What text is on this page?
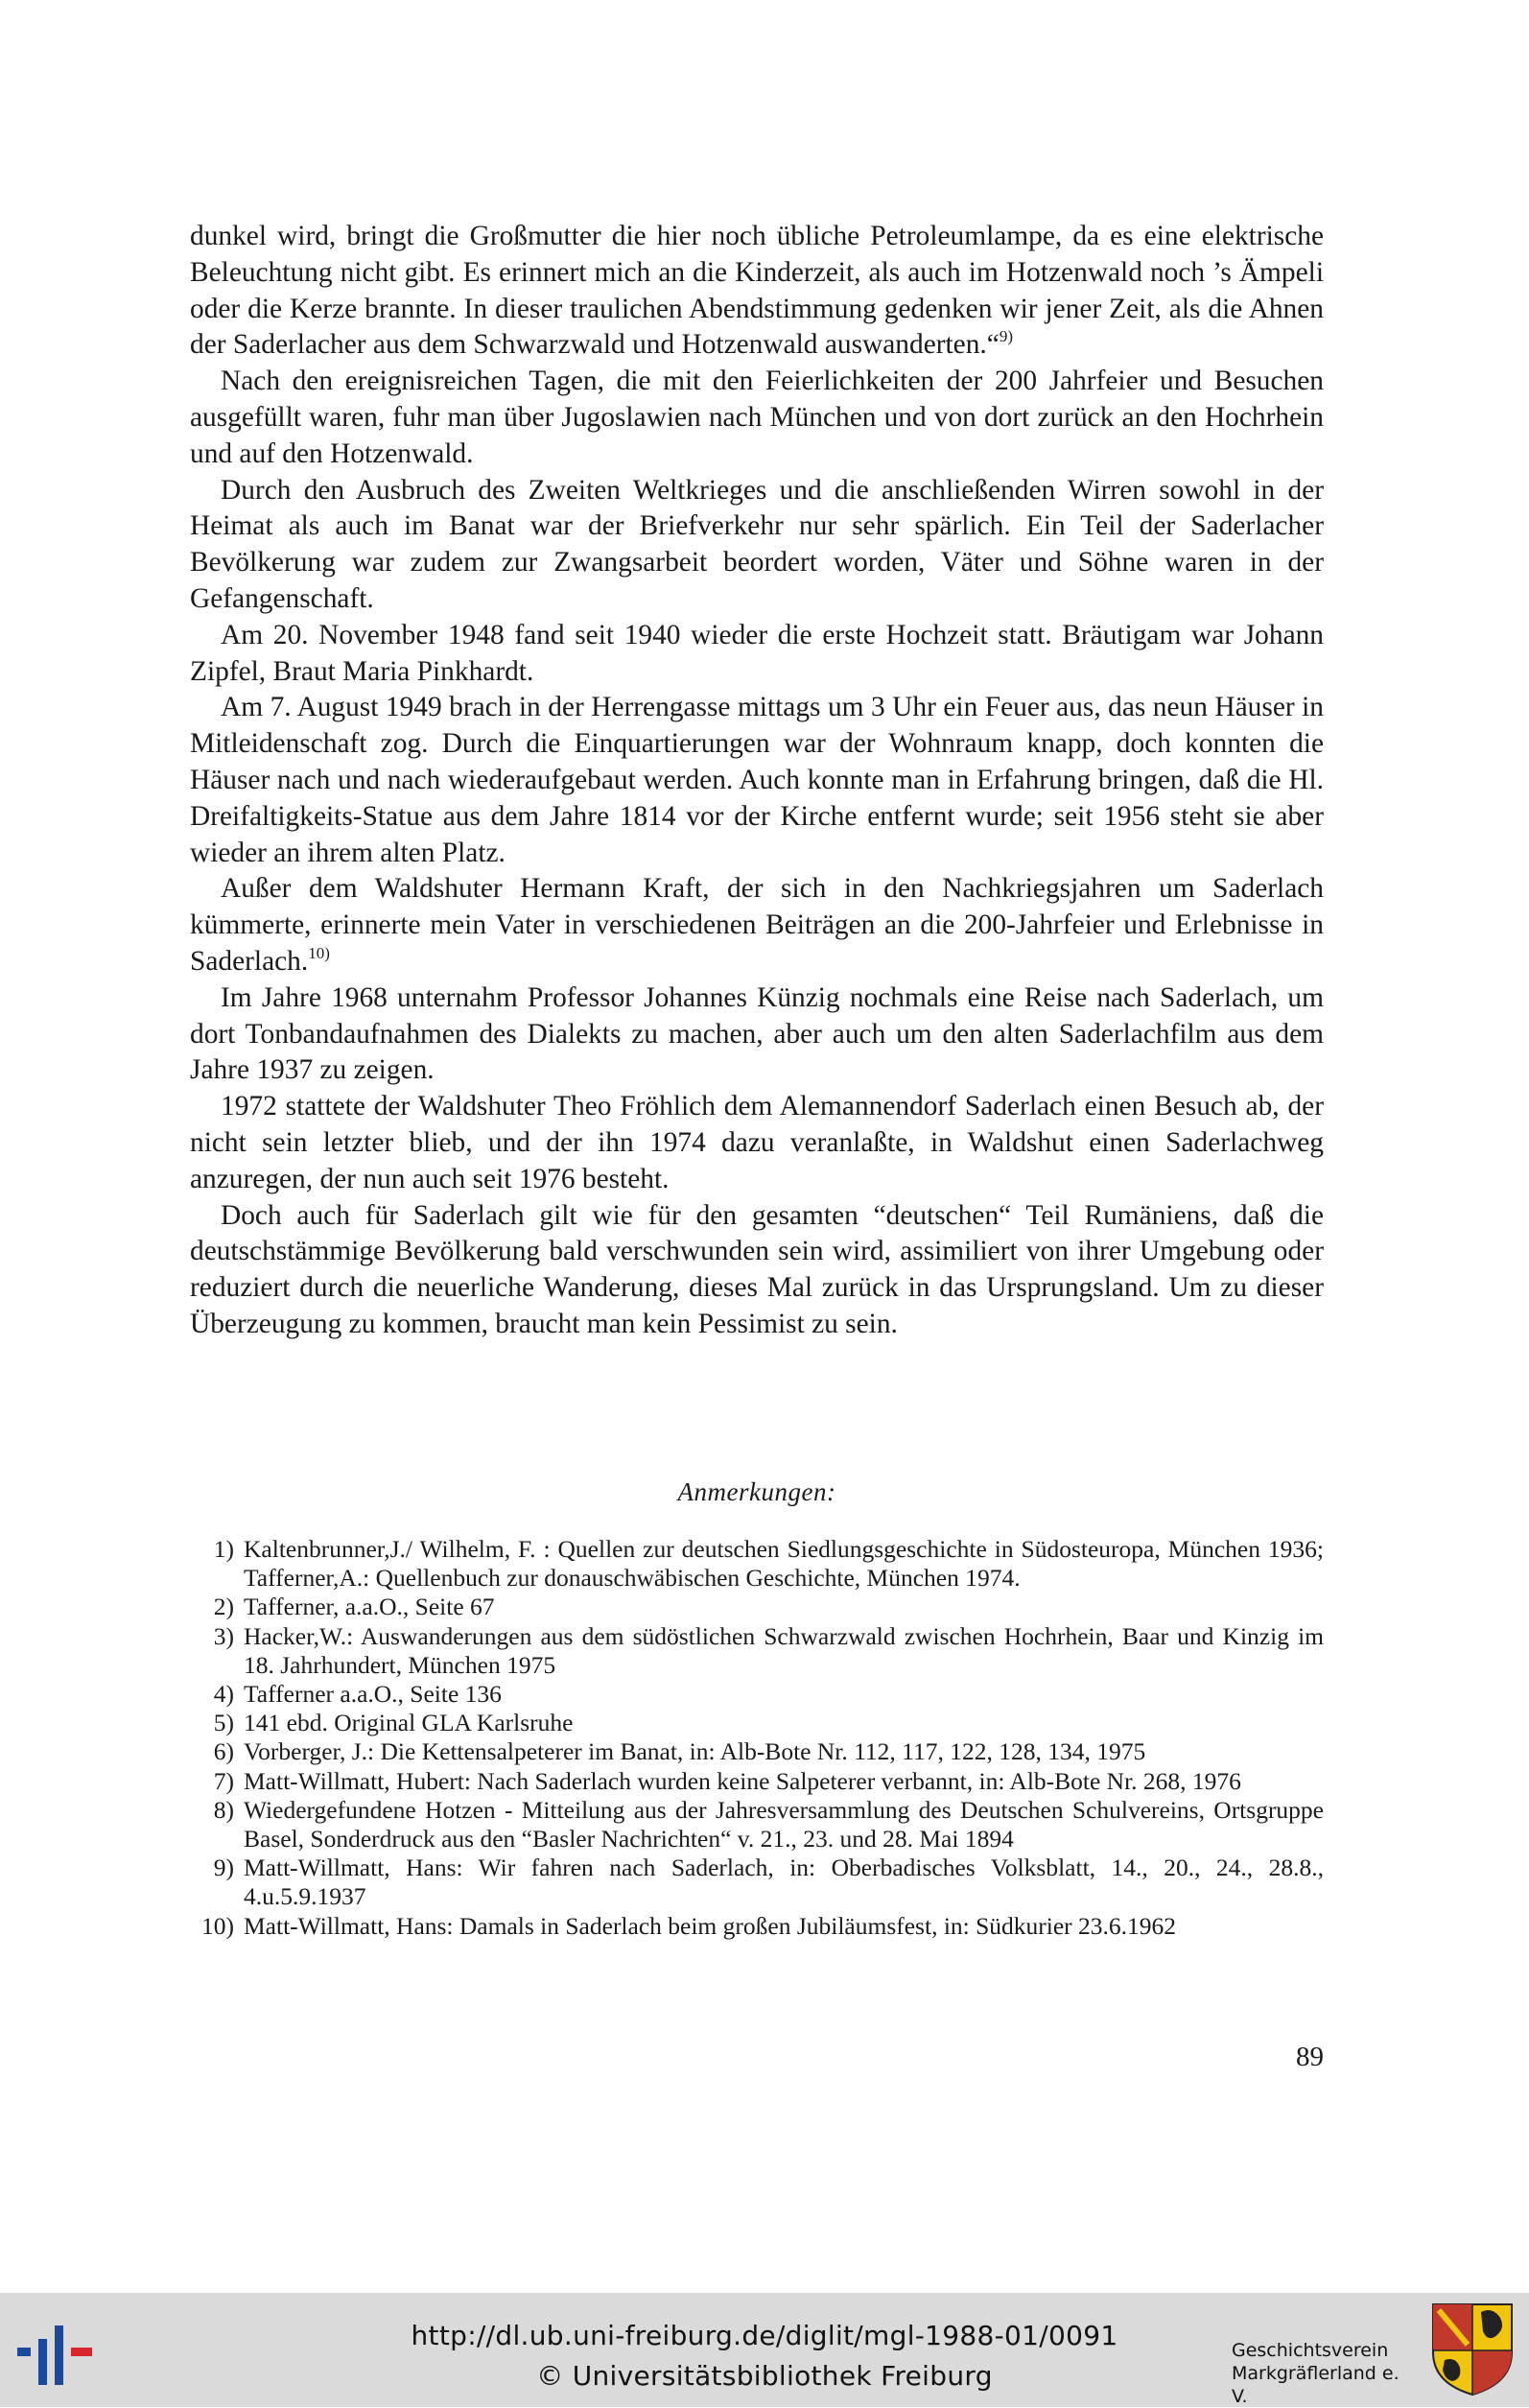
dunkel wird, bringt die Großmutter die hier noch übliche Petroleumlampe, da es eine elektrische Beleuchtung nicht gibt. Es erinnert mich an die Kinderzeit, als auch im Hotzenwald noch ’s Ämpeli oder die Kerze brannte. In dieser traulichen Abendstimmung gedenken wir jener Zeit, als die Ahnen der Saderlacher aus dem Schwarzwald und Hotzenwald auswanderten.“$^{9)}$

Nach den ereignisreichen Tagen, die mit den Feierlichkeiten der 200 Jahrfeier und Besuchen ausgefüllt waren, fuhr man über Jugoslawien nach München und von dort zurück an den Hochrhein und auf den Hotzenwald.

Durch den Ausbruch des Zweiten Weltkrieges und die anschließenden Wirren sowohl in der Heimat als auch im Banat war der Briefverkehr nur sehr spärlich. Ein Teil der Saderlacher Bevölkerung war zudem zur Zwangsarbeit beordert worden, Väter und Söhne waren in der Gefangenschaft.

Am 20. November 1948 fand seit 1940 wieder die erste Hochzeit statt. Bräutigam war Johann Zipfel, Braut Maria Pinkhardt.

Am 7. August 1949 brach in der Herrengasse mittags um 3 Uhr ein Feuer aus, das neun Häuser in Mitleidenschaft zog. Durch die Einquartierungen war der Wohnraum knapp, doch konnten die Häuser nach und nach wiederaufgebaut werden. Auch konnte man in Erfahrung bringen, daß die Hl. Dreifaltigkeits-Statue aus dem Jahre 1814 vor der Kirche entfernt wurde; seit 1956 steht sie aber wieder an ihrem alten Platz.

Außer dem Waldshuter Hermann Kraft, der sich in den Nachkriegsjahren um Saderlach kümmerte, erinnerte mein Vater in verschiedenen Beiträgen an die 200-Jahrfeier und Erlebnisse in Saderlach.$^{10)}$

Im Jahre 1968 unternahm Professor Johannes Künzig nochmals eine Reise nach Saderlach, um dort Tonbandaufnahmen des Dialekts zu machen, aber auch um den alten Saderlachfilm aus dem Jahre 1937 zu zeigen.

1972 stattete der Waldshuter Theo Fröhlich dem Alemannendorf Saderlach einen Besuch ab, der nicht sein letzter blieb, und der ihn 1974 dazu veranlaßte, in Waldshut einen Saderlachweg anzuregen, der nun auch seit 1976 besteht.

Doch auch für Saderlach gilt wie für den gesamten “deutschen“ Teil Rumäniens, daß die deutschstämmige Bevölkerung bald verschwunden sein wird, assimiliert von ihrer Umgebung oder reduziert durch die neuerliche Wanderung, dieses Mal zurück in das Ursprungsland. Um zu dieser Überzeugung zu kommen, braucht man kein Pessimist zu sein.

Anmerkungen:
1) Kaltenbrunner,J./ Wilhelm, F. : Quellen zur deutschen Siedlungsgeschichte in Südosteuropa, München 1936; Tafferner,A.: Quellenbuch zur donauschwäbischen Geschichte, München 1974.
2) Tafferner, a.a.O., Seite 67
3) Hacker,W.: Auswanderungen aus dem südöstlichen Schwarzwald zwischen Hochrhein, Baar und Kinzig im 18. Jahrhundert, München 1975
4) Tafferner a.a.O., Seite 136
5) 141 ebd. Original GLA Karlsruhe
6) Vorberger, J.: Die Kettensalpeterer im Banat, in: Alb-Bote Nr. 112, 117, 122, 128, 134, 1975
7) Matt-Willmatt, Hubert: Nach Saderlach wurden keine Salpeterer verbannt, in: Alb-Bote Nr. 268, 1976
8) Wiedergefundene Hotzen - Mitteilung aus der Jahresversammlung des Deutschen Schulvereins, Ortsgruppe Basel, Sonderdruck aus den “Basler Nachrichten“ v. 21., 23. und 28. Mai 1894
9) Matt-Willmatt, Hans: Wir fahren nach Saderlach, in: Oberbadisches Volksblatt, 14., 20., 24., 28.8., 4.u.5.9.1937
10) Matt-Willmatt, Hans: Damals in Saderlach beim großen Jubiläumsfest, in: Südkurier 23.6.1962
89
http://dl.ub.uni-freiburg.de/diglit/mgl-1988-01/0091
© Universitätsbibliothek Freiburg
Geschichtsverein
Markgräflerland e. V.
